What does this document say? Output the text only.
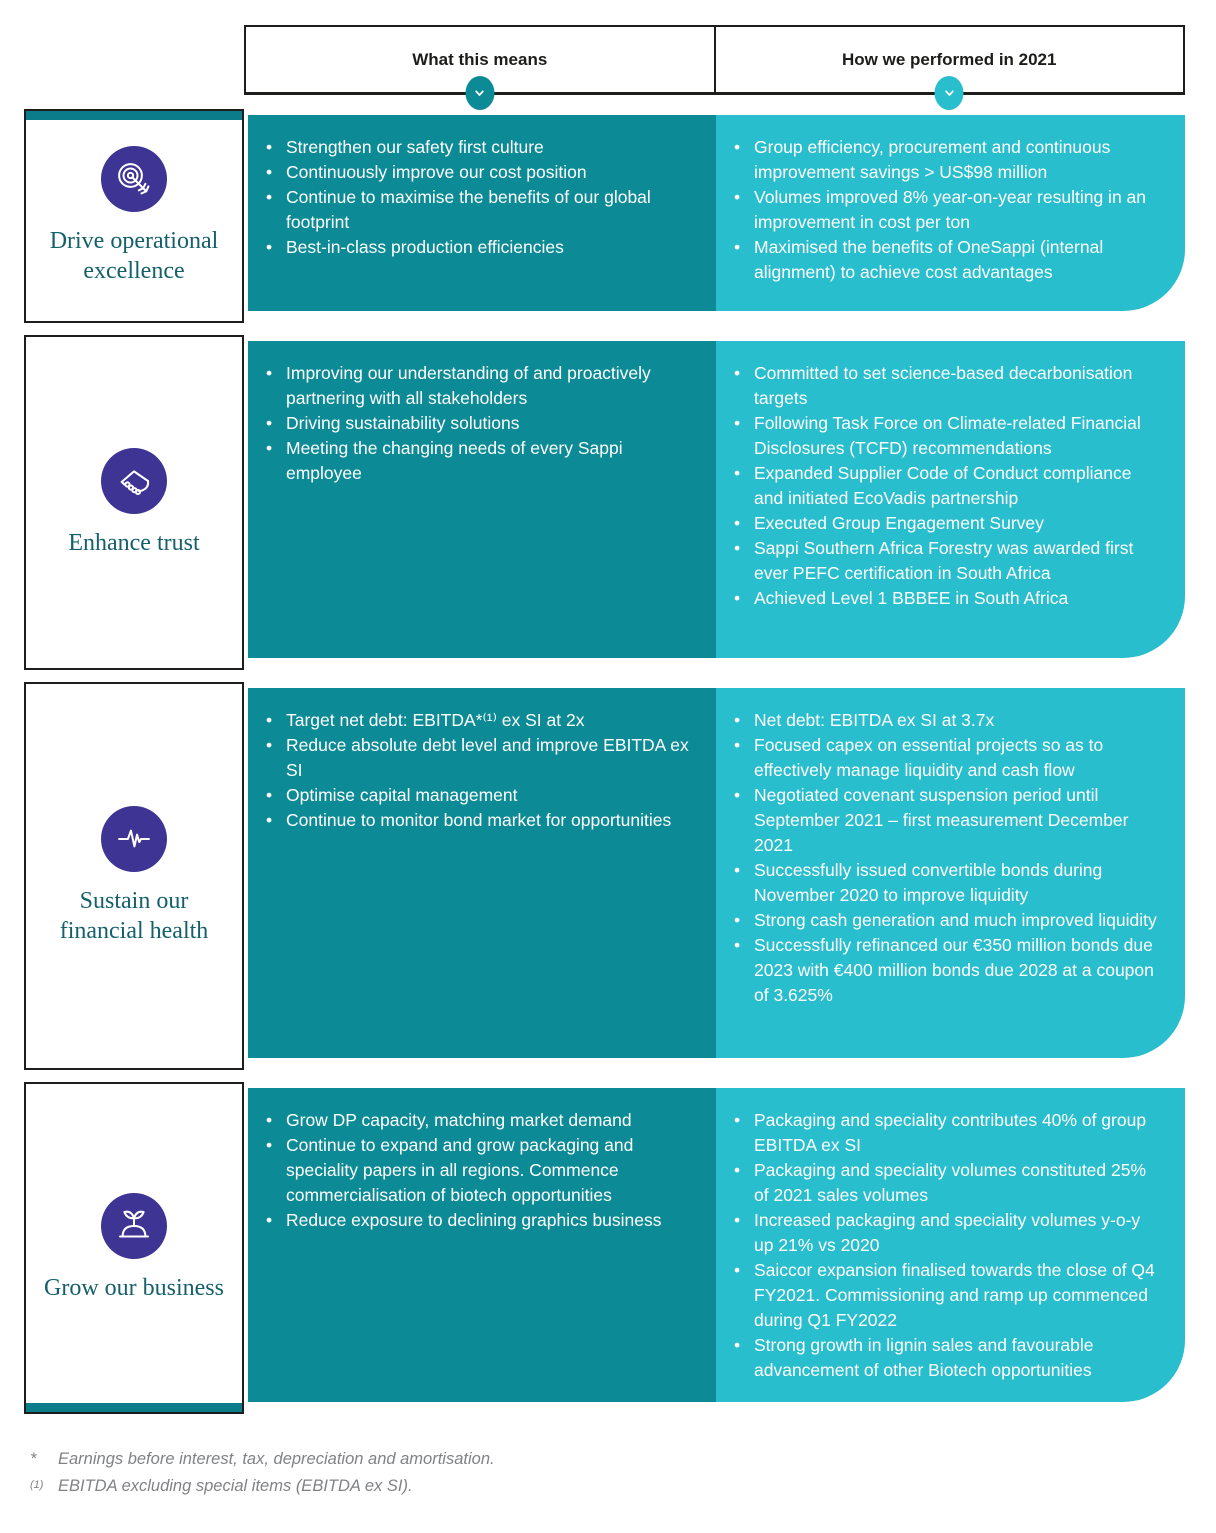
What this means	How we performed in 2021
Drive operational excellence
• Strengthen our safety first culture
• Continuously improve our cost position
• Continue to maximise the benefits of our global footprint
• Best-in-class production efficiencies
• Group efficiency, procurement and continuous improvement savings > US$98 million
• Volumes improved 8% year-on-year resulting in an improvement in cost per ton
• Maximised the benefits of OneSappi (internal alignment) to achieve cost advantages
Enhance trust
• Improving our understanding of and proactively partnering with all stakeholders
• Driving sustainability solutions
• Meeting the changing needs of every Sappi employee
• Committed to set science-based decarbonisation targets
• Following Task Force on Climate-related Financial Disclosures (TCFD) recommendations
• Expanded Supplier Code of Conduct compliance and initiated EcoVadis partnership
• Executed Group Engagement Survey
• Sappi Southern Africa Forestry was awarded first ever PEFC certification in South Africa
• Achieved Level 1 BBBEE in South Africa
Sustain our financial health
• Target net debt: EBITDA*⁽¹⁾ ex SI at 2x
• Reduce absolute debt level and improve EBITDA ex SI
• Optimise capital management
• Continue to monitor bond market for opportunities
• Net debt: EBITDA ex SI at 3.7x
• Focused capex on essential projects so as to effectively manage liquidity and cash flow
• Negotiated covenant suspension period until September 2021 – first measurement December 2021
• Successfully issued convertible bonds during November 2020 to improve liquidity
• Strong cash generation and much improved liquidity
• Successfully refinanced our €350 million bonds due 2023 with €400 million bonds due 2028 at a coupon of 3.625%
Grow our business
• Grow DP capacity, matching market demand
• Continue to expand and grow packaging and speciality papers in all regions. Commence commercialisation of biotech opportunities
• Reduce exposure to declining graphics business
• Packaging and speciality contributes 40% of group EBITDA ex SI
• Packaging and speciality volumes constituted 25% of 2021 sales volumes
• Increased packaging and speciality volumes y-o-y up 21% vs 2020
• Saiccor expansion finalised towards the close of Q4 FY2021. Commissioning and ramp up commenced during Q1 FY2022
• Strong growth in lignin sales and favourable advancement of other Biotech opportunities
*	Earnings before interest, tax, depreciation and amortisation.
(1) EBITDA excluding special items (EBITDA ex SI).
